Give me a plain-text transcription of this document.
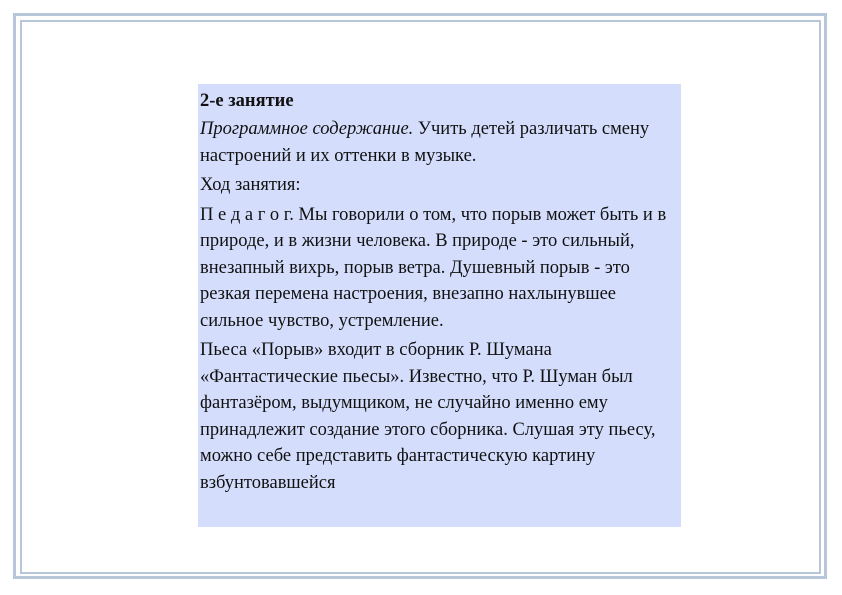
2-е занятие

Программное содержание. Учить детей различать смену настроений и их оттенки в музыке.

Ход занятия:

П е д а г о г. Мы говорили о том, что порыв может быть и в природе, и в жизни человека. В природе - это сильный, внезапный вихрь, порыв ветра. Душевный порыв - это резкая перемена настроения, внезапно нахлынувшее сильное чувство, устремление.

Пьеса «Порыв» входит в сборник Р. Шумана «Фантастические пьесы». Известно, что Р. Шуман был фантазёром, выдумщиком, не случайно именно ему принадлежит создание этого сборника. Слушая эту пьесу, можно себе представить фантастическую картину взбунтовавшейся
